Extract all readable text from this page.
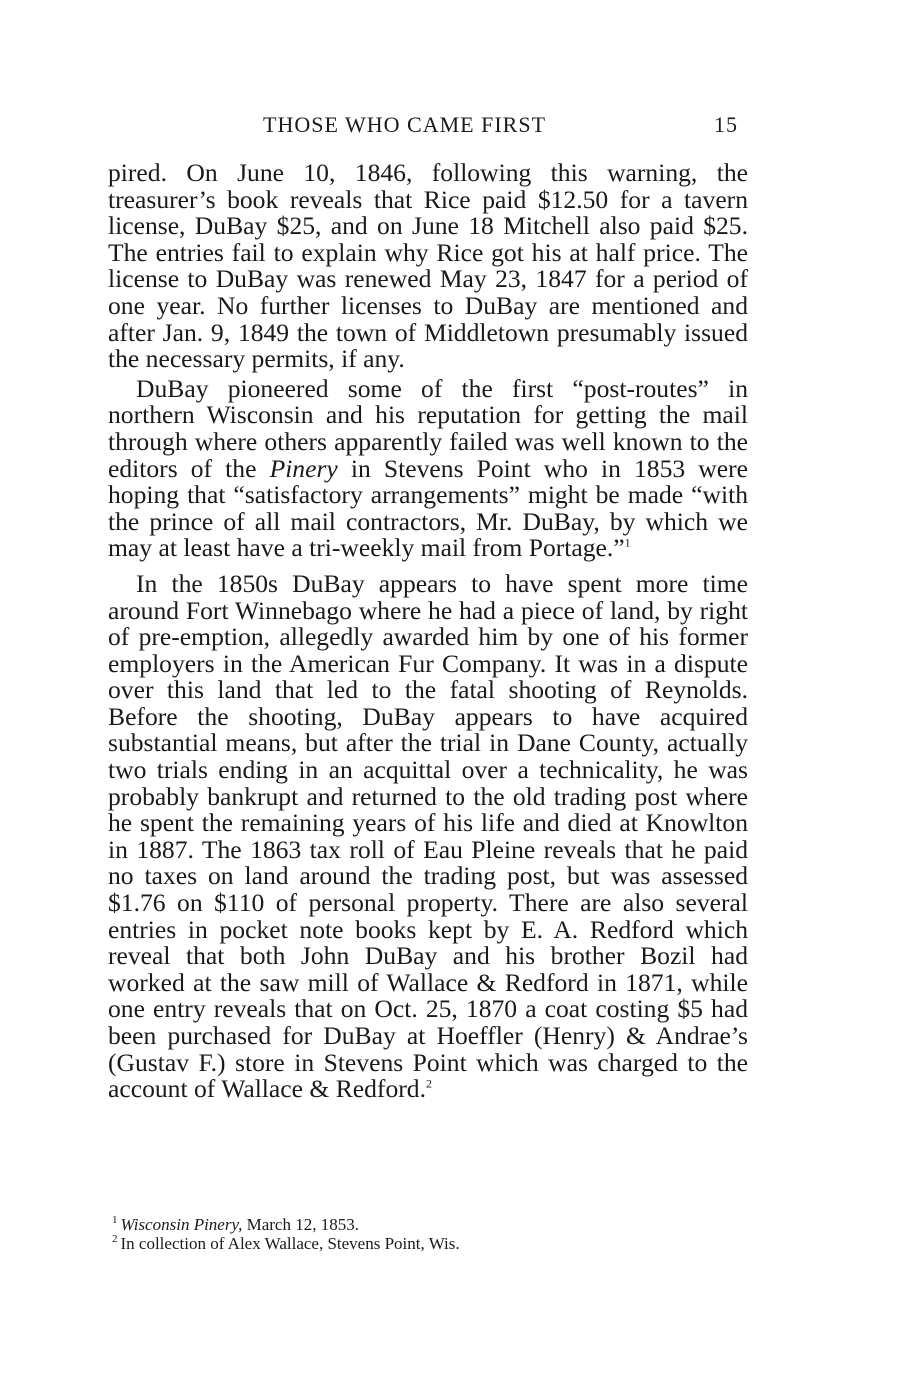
THOSE WHO CAME FIRST	15

pired. On June 10, 1846, following this warning, the treasurer’s book reveals that Rice paid $12.50 for a tavern license, DuBay $25, and on June 18 Mitchell also paid $25. The entries fail to explain why Rice got his at half price. The license to DuBay was renewed May 23, 1847 for a period of one year. No further licenses to DuBay are mentioned and after Jan. 9, 1849 the town of Middletown presumably issued the necessary permits, if any.

DuBay pioneered some of the first “post-routes” in northern Wisconsin and his reputation for getting the mail through where others apparently failed was well known to the editors of the Pinery in Stevens Point who in 1853 were hoping that “satisfactory arrangements” might be made “with the prince of all mail contractors, Mr. DuBay, by which we may at least have a tri-weekly mail from Portage.”$^1$

In the 1850s DuBay appears to have spent more time around Fort Winnebago where he had a piece of land, by right of pre-emption, allegedly awarded him by one of his former employers in the American Fur Company. It was in a dispute over this land that led to the fatal shooting of Reynolds. Before the shooting, DuBay appears to have acquired substantial means, but after the trial in Dane County, actually two trials ending in an acquittal over a technicality, he was probably bankrupt and returned to the old trading post where he spent the remaining years of his life and died at Knowlton in 1887. The 1863 tax roll of Eau Pleine reveals that he paid no taxes on land around the trading post, but was assessed $1.76 on $110 of personal property. There are also several entries in pocket note books kept by E. A. Redford which reveal that both John DuBay and his brother Bozil had worked at the saw mill of Wallace & Redford in 1871, while one entry reveals that on Oct. 25, 1870 a coat costing $5 had been purchased for DuBay at Hoeffler (Henry) & Andrae’s (Gustav F.) store in Stevens Point which was charged to the account of Wallace & Redford.$^2$

$^1$ Wisconsin Pinery, March 12, 1853.

$^2$ In collection of Alex Wallace, Stevens Point, Wis.
